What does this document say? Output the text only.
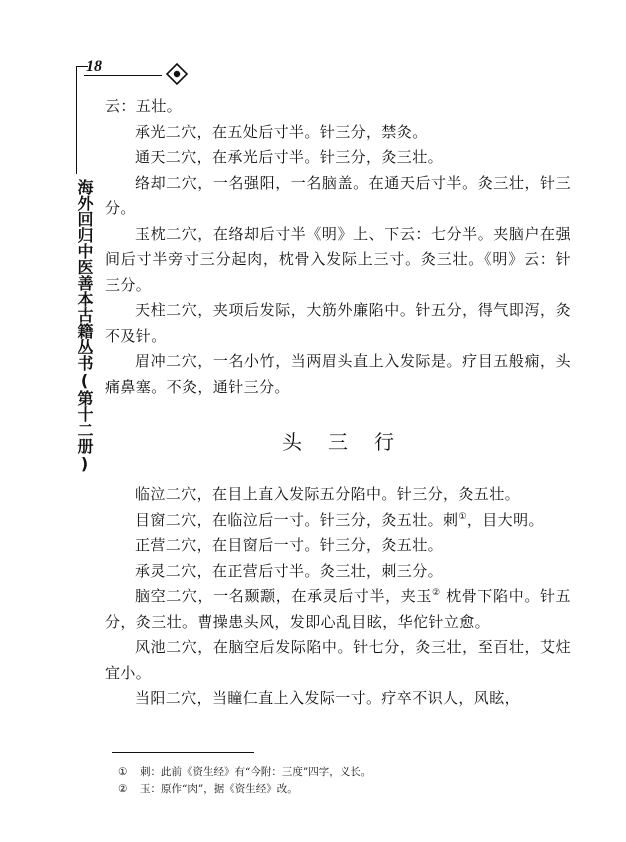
18
海外回归中医善本古籍丛书(第十二册)

云：五壮。

承光二穴，在五处后寸半。针三分，禁灸。

通天二穴，在承光后寸半。针三分，灸三壮。

络却二穴，一名强阳，一名脑盖。在通天后寸半。灸三壮，针三分。

玉枕二穴，在络却后寸半《明》上、下云：七分半。夹脑户在强间后寸半旁寸三分起肉，枕骨入发际上三寸。灸三壮。《明》云：针三分。

天柱二穴，夹项后发际，大筋外廉陷中。针五分，得气即泻，灸不及针。

眉冲二穴，一名小竹，当两眉头直上入发际是。疗目五般痫，头痛鼻塞。不灸，通针三分。

头三行

临泣二穴，在目上直入发际五分陷中。针三分，灸五壮。

目窗二穴，在临泣后一寸。针三分，灸五壮。刺①，目大明。

正营二穴，在目窗后一寸。针三分，灸五壮。

承灵二穴，在正营后寸半。灸三壮，刺三分。

脑空二穴，一名颞颥，在承灵后寸半，夹玉② 枕骨下陷中。针五分，灸三壮。曹操患头风，发即心乱目眩，华佗针立愈。

风池二穴，在脑空后发际陷中。针七分，灸三壮，至百壮，艾炷宜小。

当阳二穴，当瞳仁直上入发际一寸。疗卒不识人，风眩，

① 刺：此前《资生经》有“今附：三度”四字，义长。
② 玉：原作“肉”，据《资生经》改。
